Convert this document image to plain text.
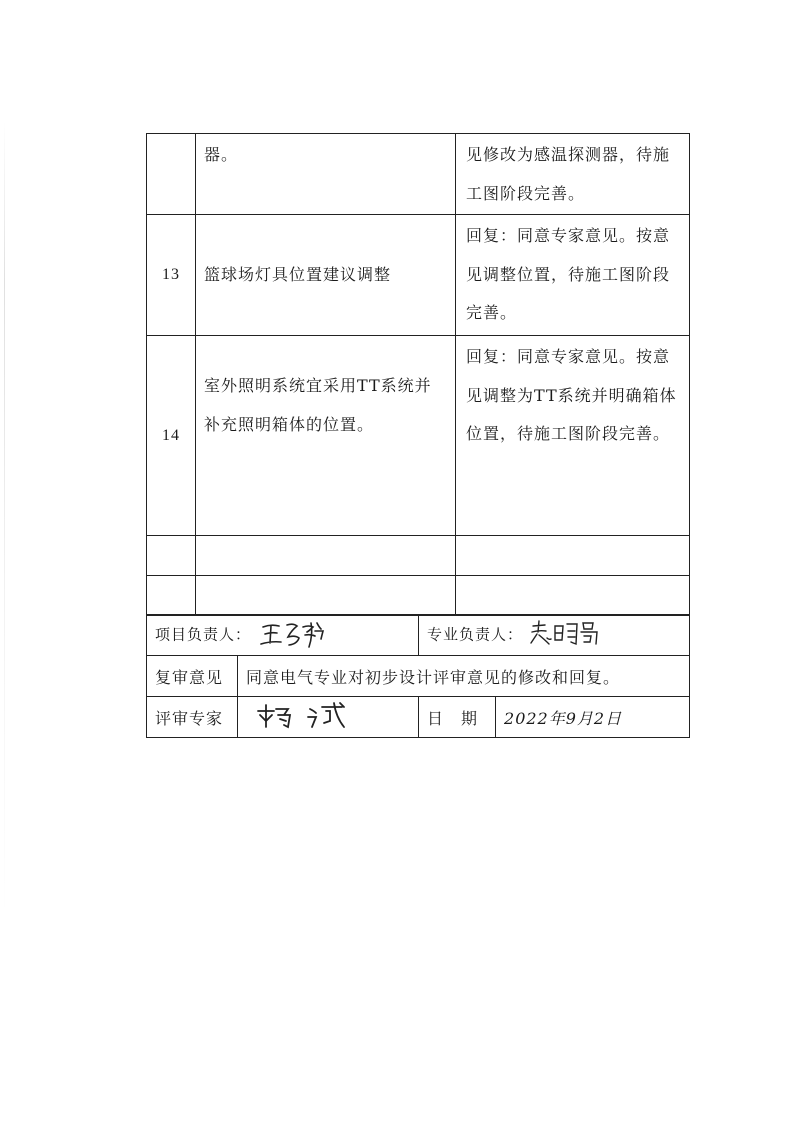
	器。	见修改为感温探测器，待施工图阶段完善。

13	篮球场灯具位置建议调整	回复：同意专家意见。按意见调整位置，待施工图阶段完善。

14	室外照明系统宜采用TT系统并补充照明箱体的位置。	回复：同意专家意见。按意见调整为TT系统并明确箱体位置，待施工图阶段完善。

项目负责人：		专业负责人：	
复审意见	同意电气专业对初步设计评审意见的修改和回复。		
评审专家		日　期	2022年9月2日
